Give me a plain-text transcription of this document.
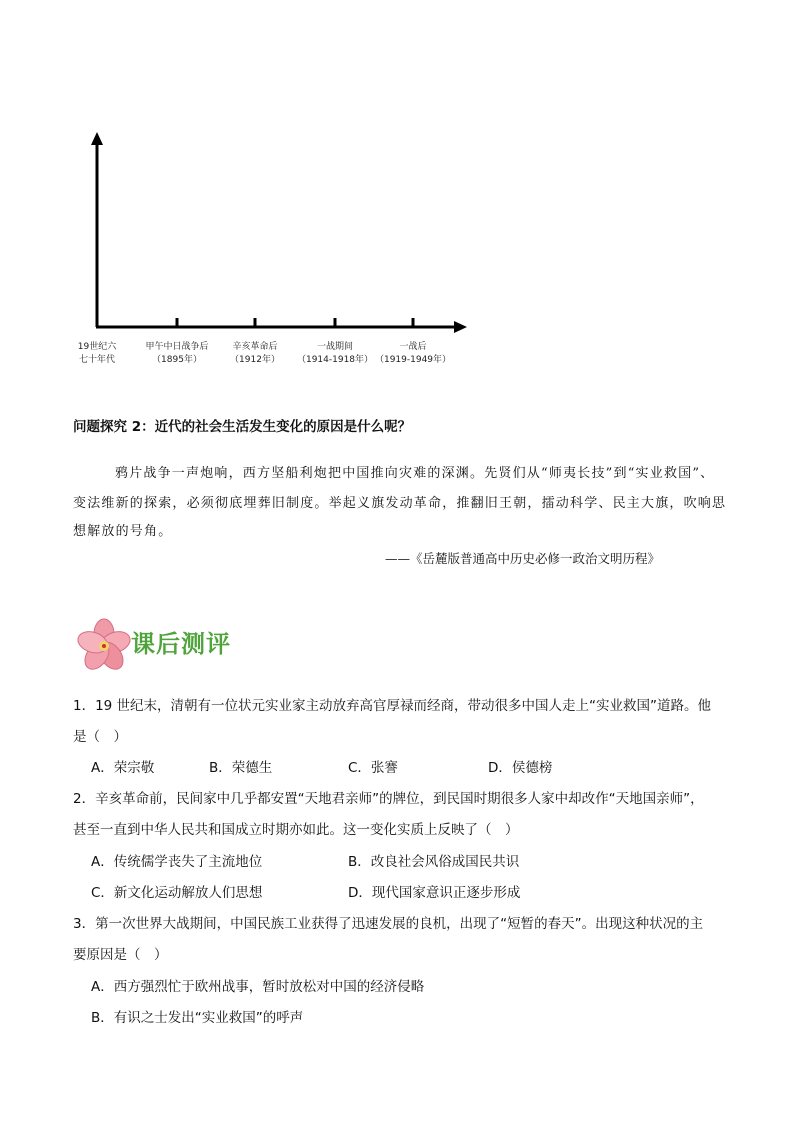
19世纪六
七十年代
甲午中日战争后
（1895年）
辛亥革命后
（1912年）
一战期间
（1914-1918年）
一战后
（1919-1949年）
问题探究 2：近代的社会生活发生变化的原因是什么呢？
鸦片战争一声炮响，西方坚船利炮把中国推向灾难的深渊。先贤们从“师夷长技”到“实业救国”、
变法维新的探索，必须彻底埋葬旧制度。举起义旗发动革命，推翻旧王朝，擂动科学、民主大旗，吹响思
想解放的号角。
——《岳麓版普通高中历史必修一政治文明历程》
课后测评
1．19 世纪末，清朝有一位状元实业家主动放弃高官厚禄而经商，带动很多中国人走上“实业救国”道路。他
是（　）
A．荣宗敬	B．荣德生	C．张謇	D．侯德榜
2．辛亥革命前，民间家中几乎都安置“天地君亲师”的牌位，到民国时期很多人家中却改作“天地国亲师”，
甚至一直到中华人民共和国成立时期亦如此。这一变化实质上反映了（　）
A．传统儒学丧失了主流地位	B．改良社会风俗成国民共识
C．新文化运动解放人们思想	D．现代国家意识正逐步形成
3．第一次世界大战期间，中国民族工业获得了迅速发展的良机，出现了“短暂的春天”。出现这种状况的主
要原因是（　）
A．西方强烈忙于欧州战事，暂时放松对中国的经济侵略
B．有识之士发出“实业救国”的呼声
